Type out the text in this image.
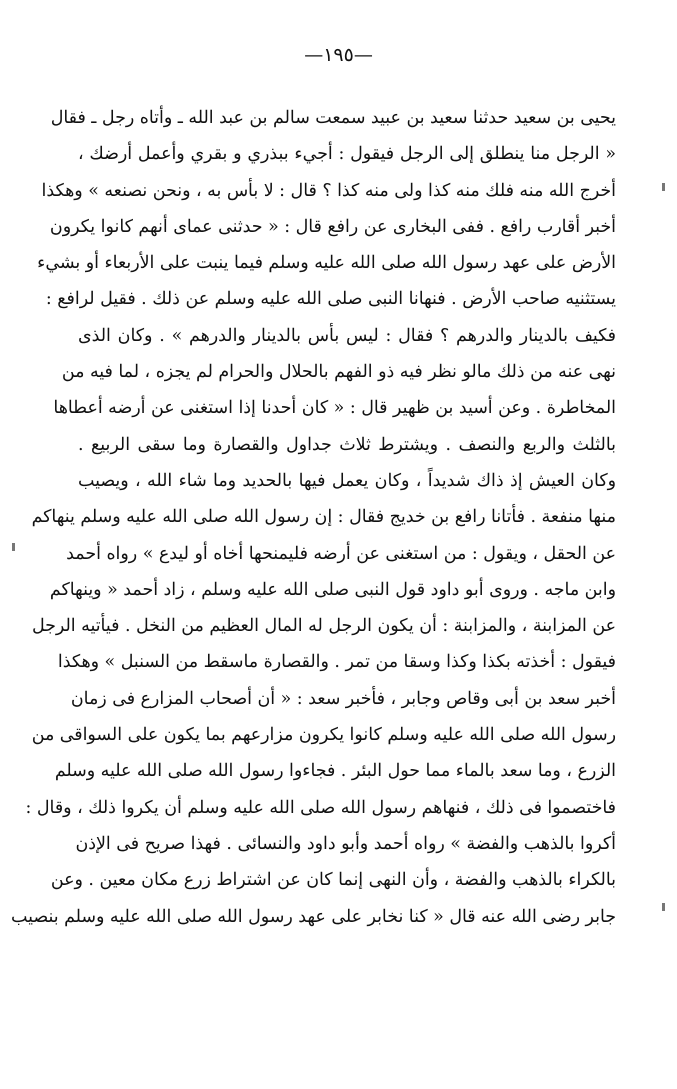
—١٩٥—
يحيى بن سعيد حدثنا سعيد بن عبيد سمعت سالم بن عبد الله ـ وأتاه رجل ـ فقال
« الرجل منا ينطلق إلى الرجل فيقول : أجيء ببذري و بقري وأعمل أرضك ،
أخرج الله منه فلك منه كذا ولى منه كذا ؟ قال : لا بأس به ، ونحن نصنعه » وهكذا
أخبر أقارب رافع . ففى البخارى عن رافع قال : « حدثنى عماى أنهم كانوا يكرون
الأرض على عهد رسول الله صلى الله عليه وسلم فيما ينبت على الأربعاء أو بشيء
يستثنيه صاحب الأرض . فنهانا النبى صلى الله عليه وسلم عن ذلك . فقيل لرافع :
فكيف بالدينار والدرهم ؟ فقال : ليس بأس بالدينار والدرهم » . وكان الذى
نهى عنه من ذلك مالو نظر فيه ذو الفهم بالحلال والحرام لم يجزه ، لما فيه من
المخاطرة . وعن أسيد بن ظهير قال : « كان أحدنا إذا استغنى عن أرضه أعطاها
بالثلث والربع والنصف . ويشترط ثلاث جداول والقصارة وما سقى الربيع .
وكان العيش إذ ذاك شديداً ، وكان يعمل فيها بالحديد وما شاء الله ، ويصيب
منها منفعة . فأتانا رافع بن خديج فقال : إن رسول الله صلى الله عليه وسلم ينهاكم
عن الحقل ، ويقول : من استغنى عن أرضه فليمنحها أخاه أو ليدع » رواه أحمد
وابن ماجه . وروى أبو داود قول النبى صلى الله عليه وسلم ، زاد أحمد « وينهاكم
عن المزابنة ، والمزابنة : أن يكون الرجل له المال العظيم من النخل . فيأتيه الرجل
فيقول : أخذته بكذا وكذا وسقا من تمر . والقصارة ماسقط من السنبل » وهكذا
أخبر سعد بن أبى وقاص وجابر ، فأخبر سعد : « أن أصحاب المزارع فى زمان
رسول الله صلى الله عليه وسلم كانوا يكرون مزارعهم بما يكون على السواقى من
الزرع ، وما سعد بالماء مما حول البئر . فجاءوا رسول الله صلى الله عليه وسلم
فاختصموا فى ذلك ، فنهاهم رسول الله صلى الله عليه وسلم أن يكروا ذلك ، وقال :
أكروا بالذهب والفضة » رواه أحمد وأبو داود والنسائى . فهذا صريح فى الإذن
بالكراء بالذهب والفضة ، وأن النهى إنما كان عن اشتراط زرع مكان معين . وعن
جابر رضى الله عنه قال « كنا نخابر على عهد رسول الله صلى الله عليه وسلم بنصيب
